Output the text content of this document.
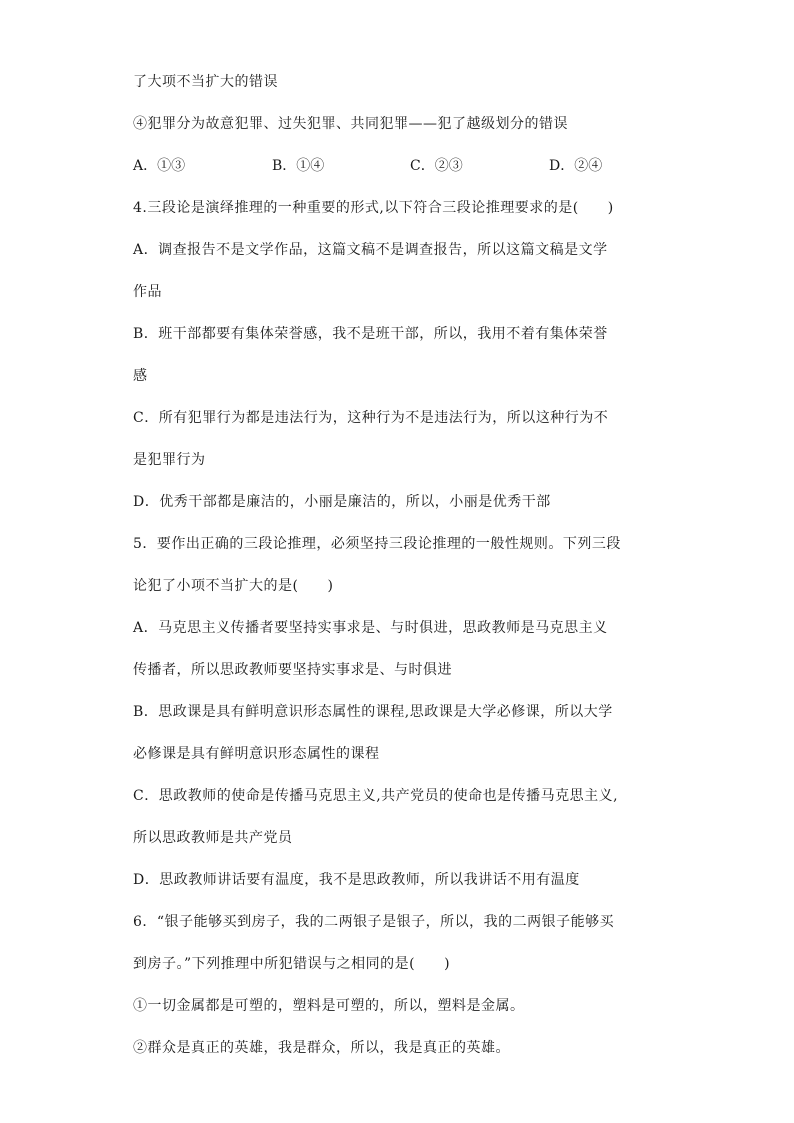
了大项不当扩大的错误
④犯罪分为故意犯罪、过失犯罪、共同犯罪——犯了越级划分的错误
A．①③	B．①④	C．②③	D．②④
4.三段论是演绎推理的一种重要的形式,以下符合三段论推理要求的是(　　)
A．调查报告不是文学作品，这篇文稿不是调查报告，所以这篇文稿是文学
作品
B．班干部都要有集体荣誉感，我不是班干部，所以，我用不着有集体荣誉
感
C．所有犯罪行为都是违法行为，这种行为不是违法行为，所以这种行为不
是犯罪行为
D．优秀干部都是廉洁的，小丽是廉洁的，所以，小丽是优秀干部
5．要作出正确的三段论推理，必须坚持三段论推理的一般性规则。下列三段
论犯了小项不当扩大的是(　　)
A．马克思主义传播者要坚持实事求是、与时俱进，思政教师是马克思主义
传播者，所以思政教师要坚持实事求是、与时俱进
B．思政课是具有鲜明意识形态属性的课程,思政课是大学必修课，所以大学
必修课是具有鲜明意识形态属性的课程
C．思政教师的使命是传播马克思主义,共产党员的使命也是传播马克思主义,
所以思政教师是共产党员
D．思政教师讲话要有温度，我不是思政教师，所以我讲话不用有温度
6．“银子能够买到房子，我的二两银子是银子，所以，我的二两银子能够买
到房子。”下列推理中所犯错误与之相同的是(　　)
①一切金属都是可塑的，塑料是可塑的，所以，塑料是金属。
②群众是真正的英雄，我是群众，所以，我是真正的英雄。
